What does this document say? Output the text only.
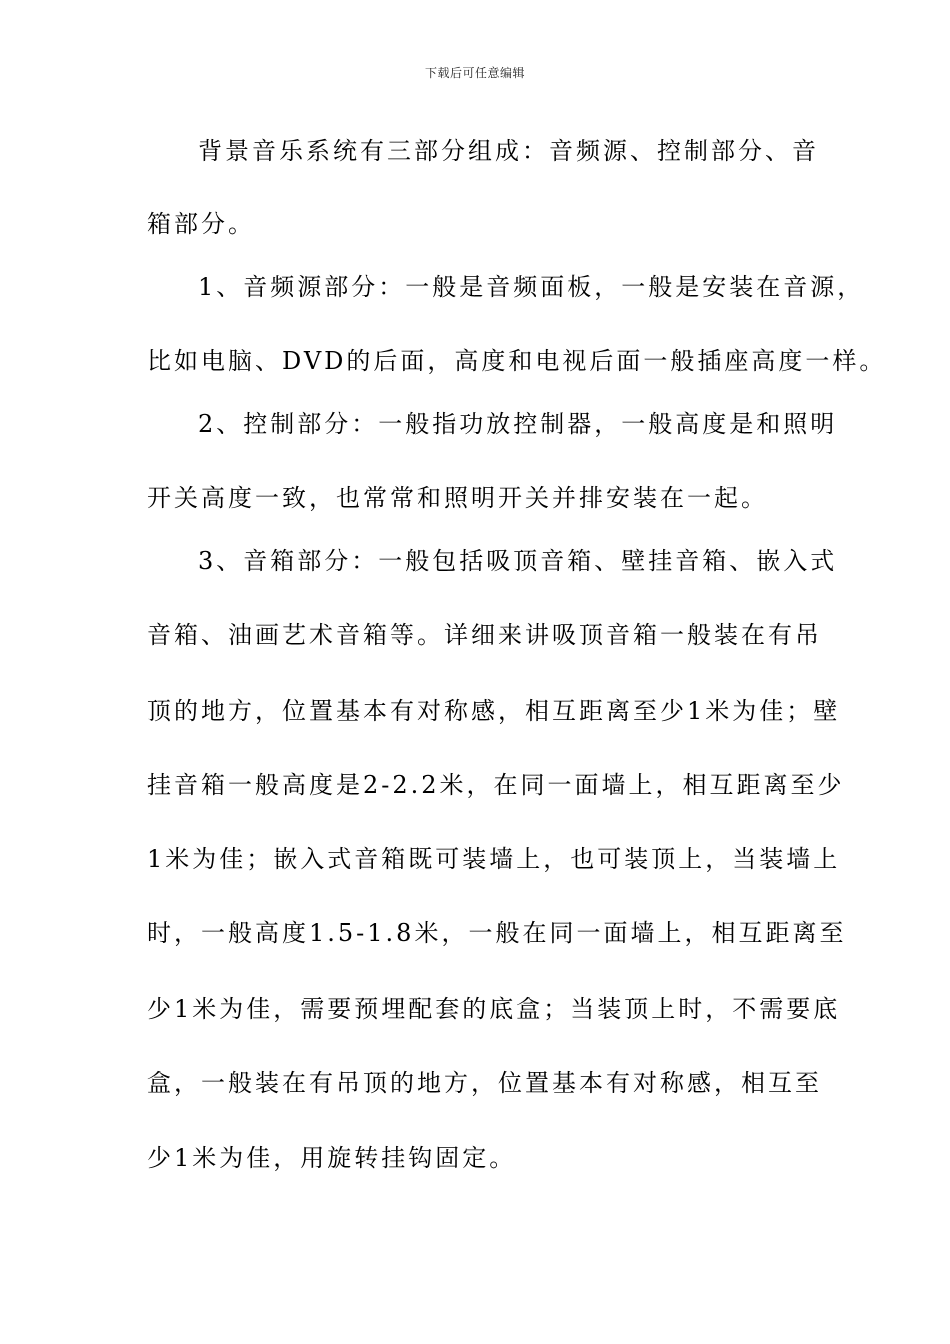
下载后可任意编辑
背景音乐系统有三部分组成：音频源、控制部分、音
箱部分。
1、音频源部分：一般是音频面板，一般是安装在音源，
比如电脑、DVD的后面，高度和电视后面一般插座高度一样。
2、控制部分：一般指功放控制器，一般高度是和照明
开关高度一致，也常常和照明开关并排安装在一起。
3、音箱部分：一般包括吸顶音箱、壁挂音箱、嵌入式
音箱、油画艺术音箱等。详细来讲吸顶音箱一般装在有吊
顶的地方，位置基本有对称感，相互距离至少1米为佳；壁
挂音箱一般高度是2-2.2米，在同一面墙上，相互距离至少
1米为佳；嵌入式音箱既可装墙上，也可装顶上，当装墙上
时，一般高度1.5-1.8米，一般在同一面墙上，相互距离至
少1米为佳，需要预埋配套的底盒；当装顶上时，不需要底
盒，一般装在有吊顶的地方，位置基本有对称感，相互至
少1米为佳，用旋转挂钩固定。
